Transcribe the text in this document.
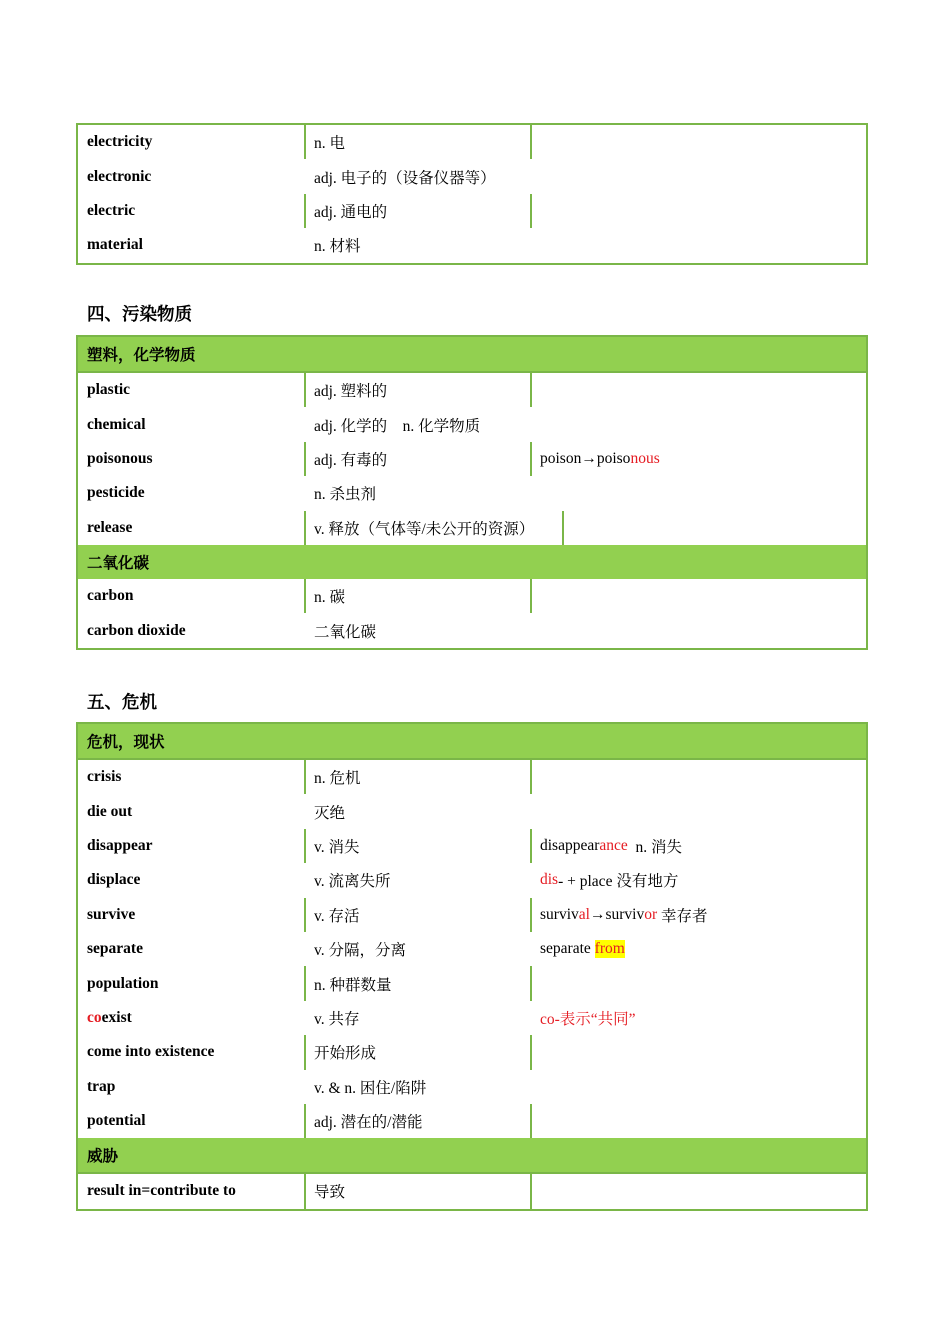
electricity	n. 电
electronic	adj. 电子的（设备仪器等）
electric	adj. 通电的
material	n. 材料
四、污染物质
塑料，化学物质
plastic	adj. 塑料的
chemical	adj. 化学的    n. 化学物质
poisonous	adj. 有毒的	poison → poiso nous
pesticide	n. 杀虫剂
release	v. 释放（气体等/未公开的资源）
二氧化碳
carbon	n. 碳
carbon dioxide	二氧化碳
五、危机
危机，现状
crisis	n. 危机
die out	灭绝
disappear	v. 消失	disappear ance n. 消失
displace	v. 流离失所	dis - + place 没有地方
survive	v. 存活	surviv al → surviv or 幸存者
separate	v. 分隔，分离	separate from
population	n. 种群数量
co exist	v. 共存	co-表示“共同”
come into existence	开始形成
trap	v. & n. 困住/陷阱
potential	adj. 潜在的/潜能
威胁
result in=contribute to	导致
